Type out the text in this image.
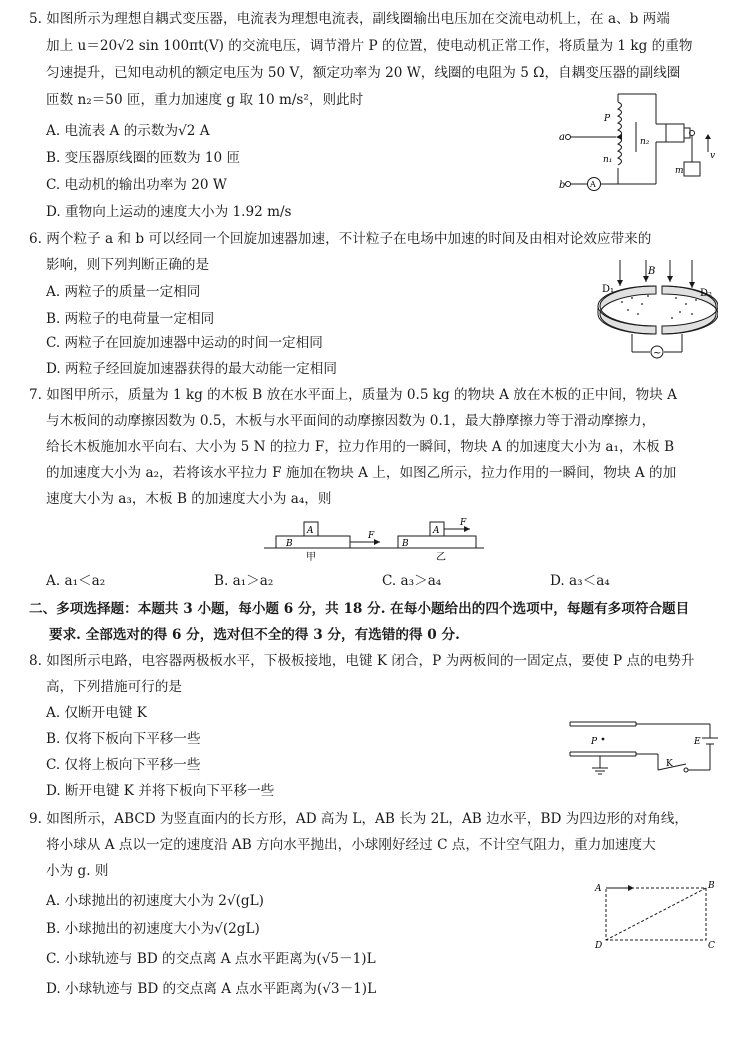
5. 如图所示为理想自耦式变压器，电流表为理想电流表，副线圈输出电压加在交流电动机上，在 a、b 两端
加上 u＝20√2 sin 100πt(V) 的交流电压，调节滑片 P 的位置，使电动机正常工作，将质量为 1 kg 的重物
匀速提升，已知电动机的额定电压为 50 V，额定功率为 20 W，线圈的电阻为 5 Ω，自耦变压器的副线圈
匝数 n₂＝50 匝，重力加速度 g 取 10 m/s²，则此时
A. 电流表 A 的示数为√2 A
B. 变压器原线圈的匝数为 10 匝
C. 电动机的输出功率为 20 W
D. 重物向上运动的速度大小为 1.92 m/s
a
b
P
n₁
n₂
A
m
v
6. 两个粒子 a 和 b 可以经同一个回旋加速器加速，不计粒子在电场中加速的时间及由相对论效应带来的
影响，则下列判断正确的是
A. 两粒子的质量一定相同
B. 两粒子的电荷量一定相同
C. 两粒子在回旋加速器中运动的时间一定相同
D. 两粒子经回旋加速器获得的最大动能一定相同
B
D₁	D₂
~
7. 如图甲所示，质量为 1 kg 的木板 B 放在水平面上，质量为 0.5 kg 的物块 A 放在木板的正中间，物块 A
与木板间的动摩擦因数为 0.5，木板与水平面间的动摩擦因数为 0.1，最大静摩擦力等于滑动摩擦力，
给长木板施加水平向右、大小为 5 N 的拉力 F，拉力作用的一瞬间，物块 A 的加速度大小为 a₁，木板 B
的加速度大小为 a₂，若将该水平拉力 F 施加在物块 A 上，如图乙所示，拉力作用的一瞬间，物块 A 的加
速度大小为 a₃，木板 B 的加速度大小为 a₄，则
A
B
F	A
B
F
甲	乙
A. a₁＜a₂	B. a₁＞a₂	C. a₃＞a₄	D. a₃＜a₄
二、多项选择题：本题共 3 小题，每小题 6 分，共 18 分. 在每小题给出的四个选项中，每题有多项符合题目
要求. 全部选对的得 6 分，选对但不全的得 3 分，有选错的得 0 分.
8. 如图所示电路，电容器两极板水平，下极板接地，电键 K 闭合，P 为两板间的一固定点，要使 P 点的电势升
高，下列措施可行的是
A. 仅断开电键 K
B. 仅将下板向下平移一些
C. 仅将上板向下平移一些
D. 断开电键 K 并将下板向下平移一些
P	E
K
9. 如图所示，ABCD 为竖直面内的长方形，AD 高为 L，AB 长为 2L，AB 边水平，BD 为四边形的对角线，
将小球从 A 点以一定的速度沿 AB 方向水平抛出，小球刚好经过 C 点，不计空气阻力，重力加速度大
小为 g. 则
A. 小球抛出的初速度大小为 2√(gL)
B. 小球抛出的初速度大小为√(2gL)
C. 小球轨迹与 BD 的交点离 A 点水平距离为(√5－1)L
D. 小球轨迹与 BD 的交点离 A 点水平距离为(√3－1)L
A	B
C
D
